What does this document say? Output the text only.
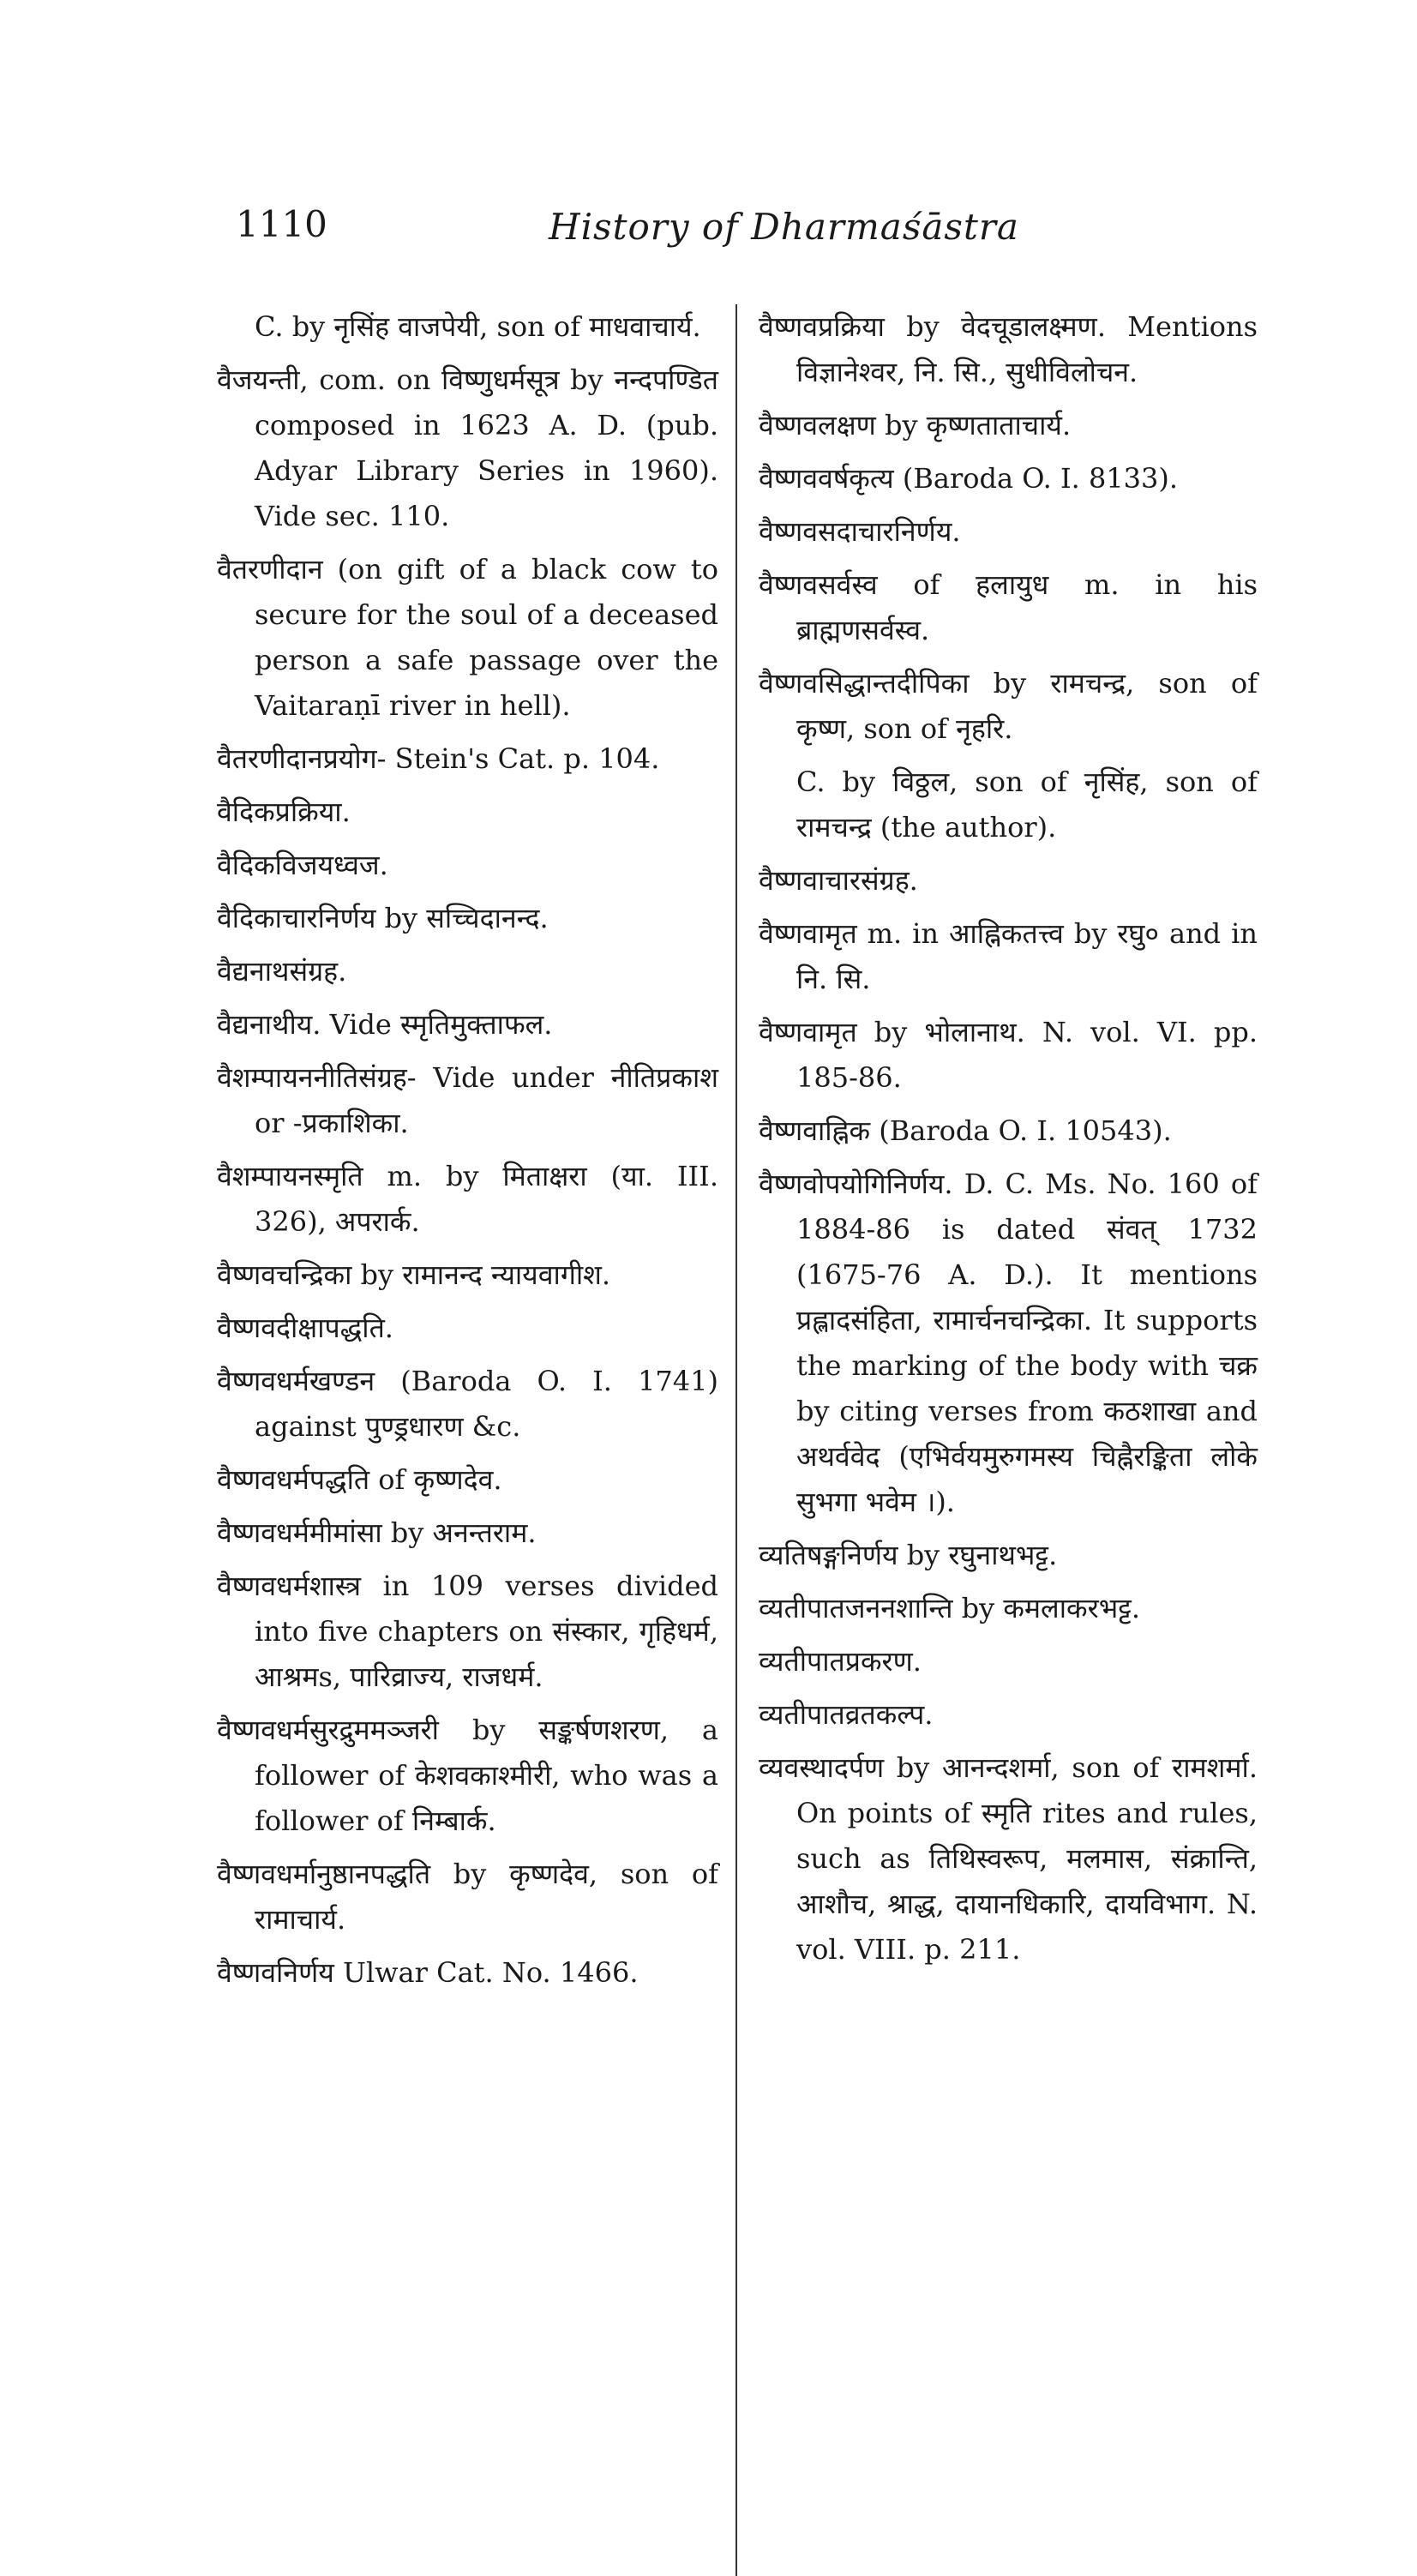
1110	History of Dharmaśāstra

C. by नृसिंह वाजपेयी, son of माधवाचार्य.

वैजयन्ती, com. on विष्णुधर्मसूत्र by नन्दपण्डित composed in 1623 A. D. (pub. Adyar Library Series in 1960). Vide sec. 110.

वैतरणीदान (on gift of a black cow to secure for the soul of a deceased person a safe passage over the Vaitaraṇī river in hell).

वैतरणीदानप्रयोग- Stein's Cat. p. 104.

वैदिकप्रक्रिया.

वैदिकविजयध्वज.

वैदिकाचारनिर्णय by सच्चिदानन्द.

वैद्यनाथसंग्रह.

वैद्यनाथीय. Vide स्मृतिमुक्ताफल.

वैशम्पायननीतिसंग्रह- Vide under नीतिप्रकाश or -प्रकाशिका.

वैशम्पायनस्मृति m. by मिताक्षरा (या. III. 326), अपरार्क.

वैष्णवचन्द्रिका by रामानन्द न्यायवागीश.

वैष्णवदीक्षापद्धति.

वैष्णवधर्मखण्डन (Baroda O. I. 1741) against पुण्ड्रधारण &c.

वैष्णवधर्मपद्धति of कृष्णदेव.

वैष्णवधर्ममीमांसा by अनन्तराम.

वैष्णवधर्मशास्त्र in 109 verses divided into five chapters on संस्कार, गृहिधर्म, आश्रमs, पारिव्राज्य, राजधर्म.

वैष्णवधर्मसुरद्रुममञ्जरी by सङ्कर्षणशरण, a follower of केशवकाश्मीरी, who was a follower of निम्बार्क.

वैष्णवधर्मानुष्ठानपद्धति by कृष्णदेव, son of रामाचार्य.

वैष्णवनिर्णय Ulwar Cat. No. 1466.

वैष्णवप्रक्रिया by वेदचूडालक्ष्मण. Mentions विज्ञानेश्वर, नि. सि., सुधीविलोचन.

वैष्णवलक्षण by कृष्णताताचार्य.

वैष्णववर्षकृत्य (Baroda O. I. 8133).

वैष्णवसदाचारनिर्णय.

वैष्णवसर्वस्व of हलायुध m. in his ब्राह्मणसर्वस्व.

वैष्णवसिद्धान्तदीपिका by रामचन्द्र, son of कृष्ण, son of नृहरि.

C. by विठ्ठल, son of नृसिंह, son of रामचन्द्र (the author).

वैष्णवाचारसंग्रह.

वैष्णवामृत m. in आह्निकतत्त्व by रघु० and in नि. सि.

वैष्णवामृत by भोलानाथ. N. vol. VI. pp. 185-86.

वैष्णवाह्निक (Baroda O. I. 10543).

वैष्णवोपयोगिनिर्णय. D. C. Ms. No. 160 of 1884-86 is dated संवत् 1732 (1675-76 A. D.). It mentions प्रह्लादसंहिता, रामार्चनचन्द्रिका. It supports the marking of the body with चक्र by citing verses from कठशाखा and अथर्ववेद (एभिर्वयमुरुगमस्य चिह्नैरङ्किता लोके सुभगा भवेम ।).

व्यतिषङ्गनिर्णय by रघुनाथभट्ट.

व्यतीपातजननशान्ति by कमलाकरभट्ट.

व्यतीपातप्रकरण.

व्यतीपातव्रतकल्प.

व्यवस्थादर्पण by आनन्दशर्मा, son of रामशर्मा. On points of स्मृति rites and rules, such as तिथिस्वरूप, मलमास, संक्रान्ति, आशौच, श्राद्ध, दायानधिकारि, दायविभाग. N. vol. VIII. p. 211.
